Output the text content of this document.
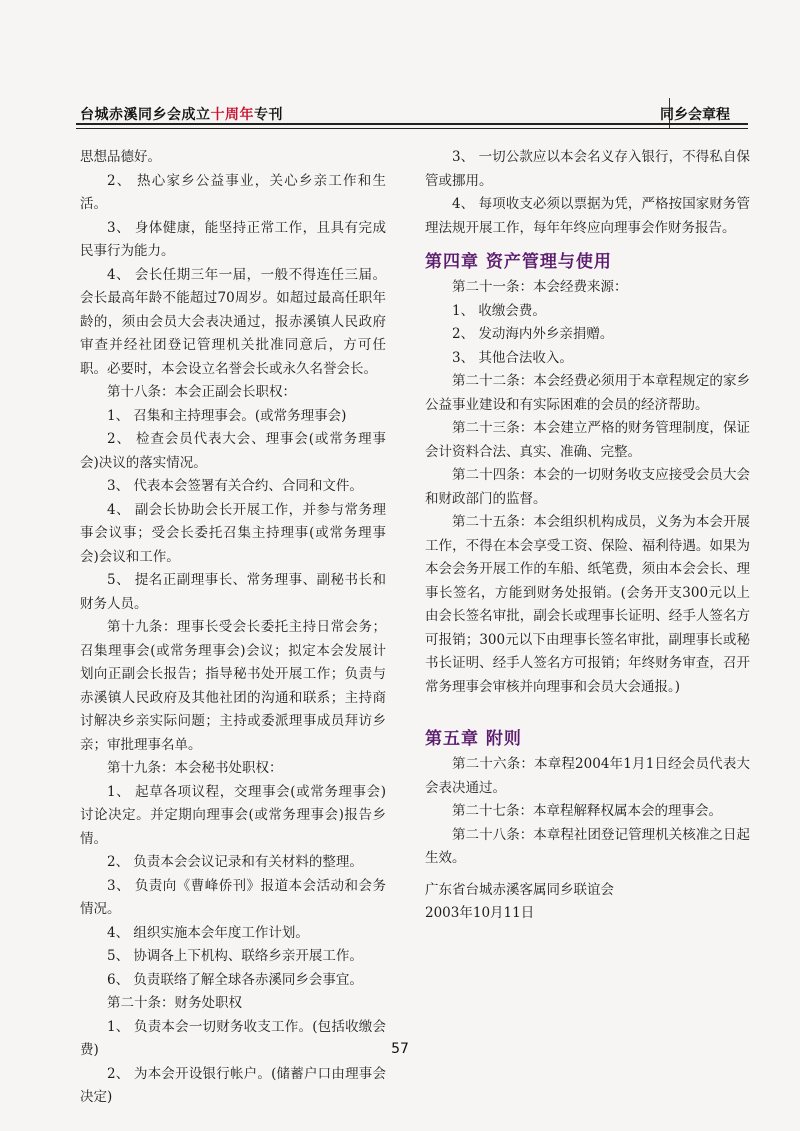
台城赤溪同乡会成立十周年专刊	同乡会章程

思想品德好。

2、 热心家乡公益事业，关心乡亲工作和生活。

3、 身体健康，能坚持正常工作，且具有完成民事行为能力。

4、 会长任期三年一届，一般不得连任三届。会长最高年龄不能超过70周岁。如超过最高任职年龄的，须由会员大会表决通过，报赤溪镇人民政府审查并经社团登记管理机关批准同意后，方可任职。必要时，本会设立名誉会长或永久名誉会长。

第十八条：本会正副会长职权：

1、 召集和主持理事会。(或常务理事会)

2、 检查会员代表大会、理事会(或常务理事会)决议的落实情况。

3、 代表本会签署有关合约、合同和文件。

4、 副会长协助会长开展工作，并参与常务理事会议事；受会长委托召集主持理事(或常务理事会)会议和工作。

5、 提名正副理事长、常务理事、副秘书长和财务人员。

第十九条：理事长受会长委托主持日常会务；召集理事会(或常务理事会)会议；拟定本会发展计划向正副会长报告；指导秘书处开展工作；负责与赤溪镇人民政府及其他社团的沟通和联系；主持商讨解决乡亲实际问题；主持或委派理事成员拜访乡亲；审批理事名单。

第十九条：本会秘书处职权：

1、 起草各项议程，交理事会(或常务理事会)讨论决定。并定期向理事会(或常务理事会)报告乡情。

2、 负责本会会议记录和有关材料的整理。

3、 负责向《曹峰侨刊》报道本会活动和会务情况。

4、 组织实施本会年度工作计划。

5、 协调各上下机构、联络乡亲开展工作。

6、 负责联络了解全球各赤溪同乡会事宜。

第二十条：财务处职权

1、 负责本会一切财务收支工作。(包括收缴会费)

2、 为本会开设银行帐户。(储蓄户口由理事会决定)

3、 一切公款应以本会名义存入银行，不得私自保管或挪用。

4、 每项收支必须以票据为凭，严格按国家财务管理法规开展工作，每年年终应向理事会作财务报告。

第四章 资产管理与使用

第二十一条：本会经费来源：

1、 收缴会费。

2、 发动海内外乡亲捐赠。

3、 其他合法收入。

第二十二条：本会经费必须用于本章程规定的家乡公益事业建设和有实际困难的会员的经济帮助。

第二十三条：本会建立严格的财务管理制度，保证会计资料合法、真实、准确、完整。

第二十四条：本会的一切财务收支应接受会员大会和财政部门的监督。

第二十五条：本会组织机构成员，义务为本会开展工作，不得在本会享受工资、保险、福利待遇。如果为本会会务开展工作的车船、纸笔费，须由本会会长、理事长签名，方能到财务处报销。(会务开支300元以上由会长签名审批，副会长或理事长证明、经手人签名方可报销；300元以下由理事长签名审批，副理事长或秘书长证明、经手人签名方可报销；年终财务审查，召开常务理事会审核并向理事和会员大会通报。)

第五章 附则

第二十六条：本章程2004年1月1日经会员代表大会表决通过。

第二十七条：本章程解释权属本会的理事会。

第二十八条：本章程社团登记管理机关核准之日起生效。

广东省台城赤溪客属同乡联谊会

2003年10月11日

57
